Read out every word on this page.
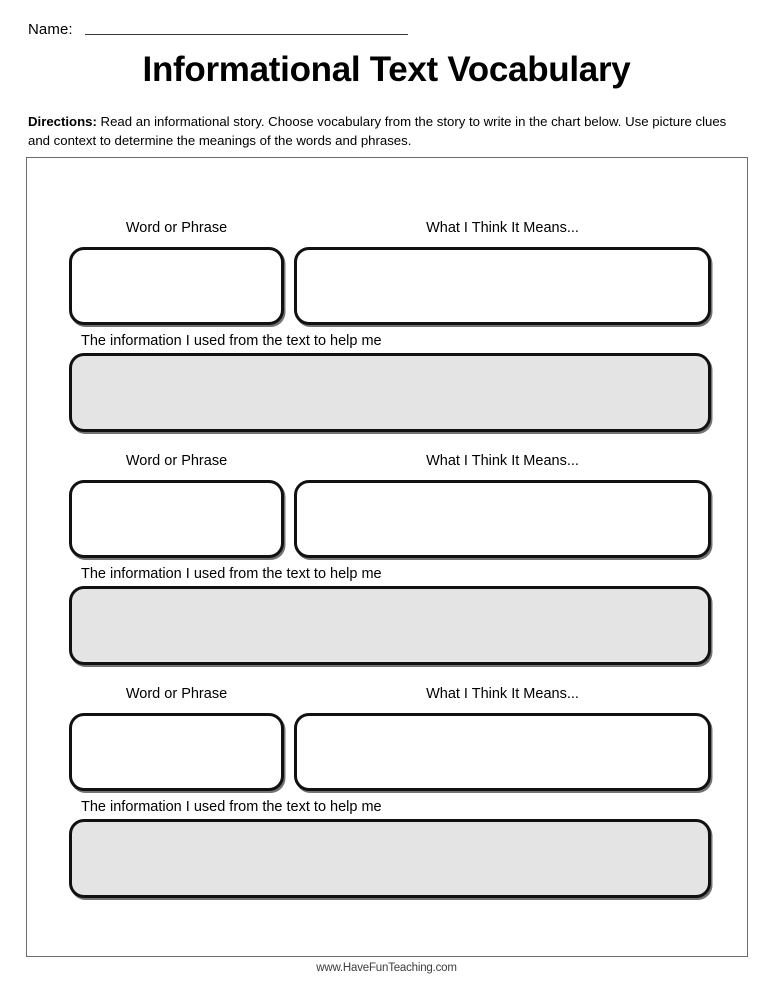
Name:
Informational Text Vocabulary

Directions: Read an informational story. Choose vocabulary from the story to write in the chart below. Use picture clues and context to determine the meanings of the words and phrases.

Word or Phrase	What I Think It Means...
The information I used from the text to help me
Word or Phrase	What I Think It Means...
The information I used from the text to help me
Word or Phrase	What I Think It Means...
The information I used from the text to help me
www.HaveFunTeaching.com
